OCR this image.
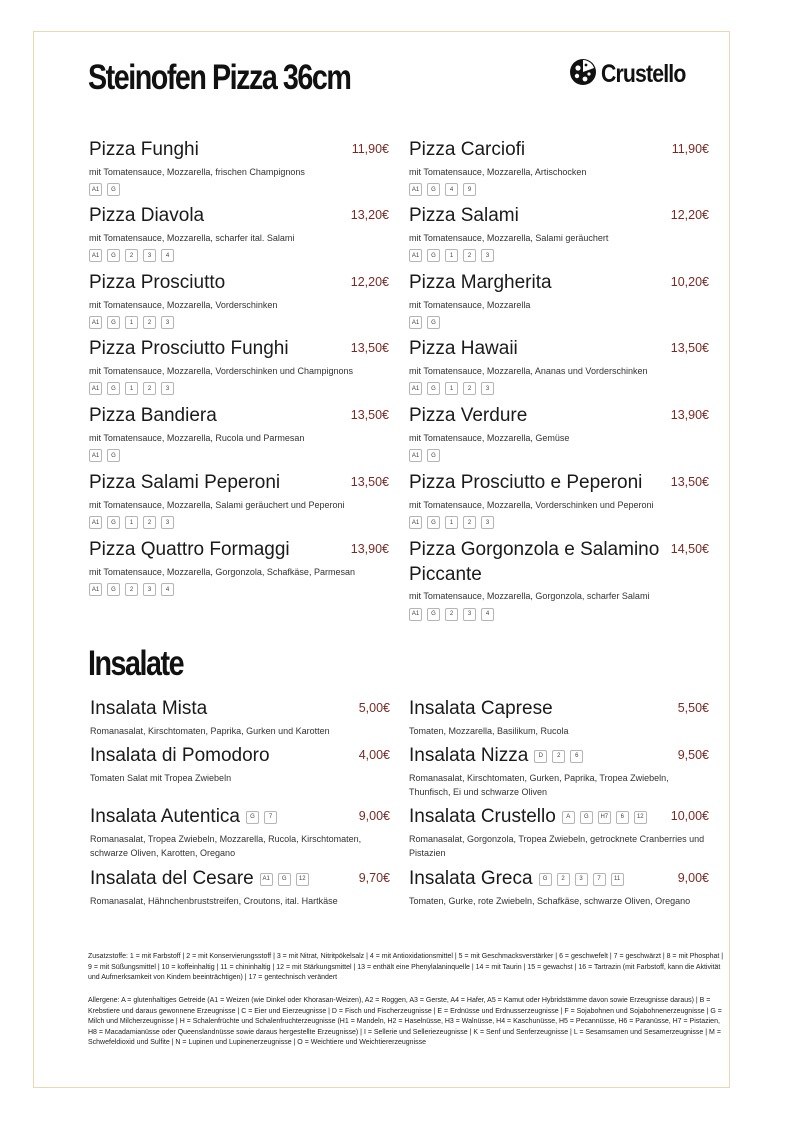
Steinofen Pizza 36cm	Crustello
Pizza Funghi	11,90€
mit Tomatensauce, Mozzarella, frischen Champignons
A1	G
Pizza Diavola	13,20€
mit Tomatensauce, Mozzarella, scharfer ital. Salami
A1	G	2	3	4
Pizza Prosciutto	12,20€
mit Tomatensauce, Mozzarella, Vorderschinken
A1	G	1	2	3
Pizza Prosciutto Funghi	13,50€
mit Tomatensauce, Mozzarella, Vorderschinken und Champignons
A1	G	1	2	3
Pizza Bandiera	13,50€
mit Tomatensauce, Mozzarella, Rucola und Parmesan
A1	G
Pizza Salami Peperoni	13,50€
mit Tomatensauce, Mozzarella, Salami geräuchert und Peperoni
A1	G	1	2	3
Pizza Quattro Formaggi	13,90€
mit Tomatensauce, Mozzarella, Gorgonzola, Schafkäse, Parmesan
A1	G	2	3	4
Pizza Carciofi	11,90€
mit Tomatensauce, Mozzarella, Artischocken
A1	G	4	9
Pizza Salami	12,20€
mit Tomatensauce, Mozzarella, Salami geräuchert
A1	G	1	2	3
Pizza Margherita	10,20€
mit Tomatensauce, Mozzarella
A1	G
Pizza Hawaii	13,50€
mit Tomatensauce, Mozzarella, Ananas und Vorderschinken
A1	G	1	2	3
Pizza Verdure	13,90€
mit Tomatensauce, Mozzarella, Gemüse
A1	G
Pizza Prosciutto e Peperoni 13,50€
mit Tomatensauce, Mozzarella, Vorderschinken und Peperoni
A1	G	1	2	3
Pizza Gorgonzola e Salamino Piccante
14,50€
mit Tomatensauce, Mozzarella, Gorgonzola, scharfer Salami
A1	G	2	3	4
Insalate
Insalata Mista	5,00€
Romanasalat, Kirschtomaten, Paprika, Gurken und Karotten
Insalata di Pomodoro	4,00€
Tomaten Salat mit Tropea Zwiebeln
Insalata Autentica	G	7	9,00€
Romanasalat, Tropea Zwiebeln, Mozzarella, Rucola, Kirschtomaten, schwarze Oliven, Karotten, Oregano
Insalata del Cesare	A1	G	12	9,70€
Romanasalat, Hähnchenbruststreifen, Croutons, ital. Hartkäse
Insalata Caprese	5,50€
Tomaten, Mozzarella, Basilikum, Rucola
Insalata Nizza	D	2	6	9,50€
Romanasalat, Kirschtomaten, Gurken, Paprika, Tropea Zwiebeln, Thunfisch, Ei und schwarze Oliven
Insalata Crustello	A	G	H7	6	12 10,00€
Romanasalat, Gorgonzola, Tropea Zwiebeln, getrocknete Cranberries und Pistazien
Insalata Greca	G	2	3	7	11	9,00€
Tomaten, Gurke, rote Zwiebeln, Schafkäse, schwarze Oliven, Oregano

Zusatzstoffe: 1 = mit Farbstoff | 2 = mit Konservierungsstoff | 3 = mit Nitrat, Nitritpökelsalz | 4 = mit Antioxidationsmittel | 5 = mit Geschmacksverstärker | 6 = geschwefelt | 7 = geschwärzt | 8 = mit Phosphat | 9 = mit Süßungsmittel | 10 = koffeinhaltig | 11 = chininhaltig | 12 = mit Stärkungsmittel | 13 = enthält eine Phenylalaninquelle | 14 = mit Taurin | 15 = gewachst | 16 = Tartrazin (mit Farbstoff, kann die Aktivität und Aufmerksamkeit von Kindern beeinträchtigen) | 17 = gentechnisch verändert

Allergene: A = glutenhaltiges Getreide (A1 = Weizen (wie Dinkel oder Khorasan-Weizen), A2 = Roggen, A3 = Gerste, A4 = Hafer, A5 = Kamut oder Hybridstämme davon sowie Erzeugnisse daraus) | B = Krebstiere und daraus gewonnene Erzeugnisse | C = Eier und Eierzeugnisse | D = Fisch und Fischerzeugnisse | E = Erdnüsse und Erdnusserzeugnisse | F = Sojabohnen und Sojabohnenerzeugnisse | G = Milch und Milcherzeugnisse | H = Schalenfrüchte und Schalenfruchterzeugnisse (H1 = Mandeln, H2 = Haselnüsse, H3 = Walnüsse, H4 = Kaschunüsse, H5 = Pecannüsse, H6 = Paranüsse, H7 = Pistazien, H8 = Macadamianüsse oder Queenslandnüsse sowie daraus hergestellte Erzeugnisse) | I = Sellerie und Selleriezeugnisse | K = Senf und Senferzeugnisse | L = Sesamsamen und Sesamerzeugnisse | M = Schwefeldioxid und Sulfite | N = Lupinen und Lupinenerzeugnisse | O = Weichtiere und Weichtiererzeugnisse
